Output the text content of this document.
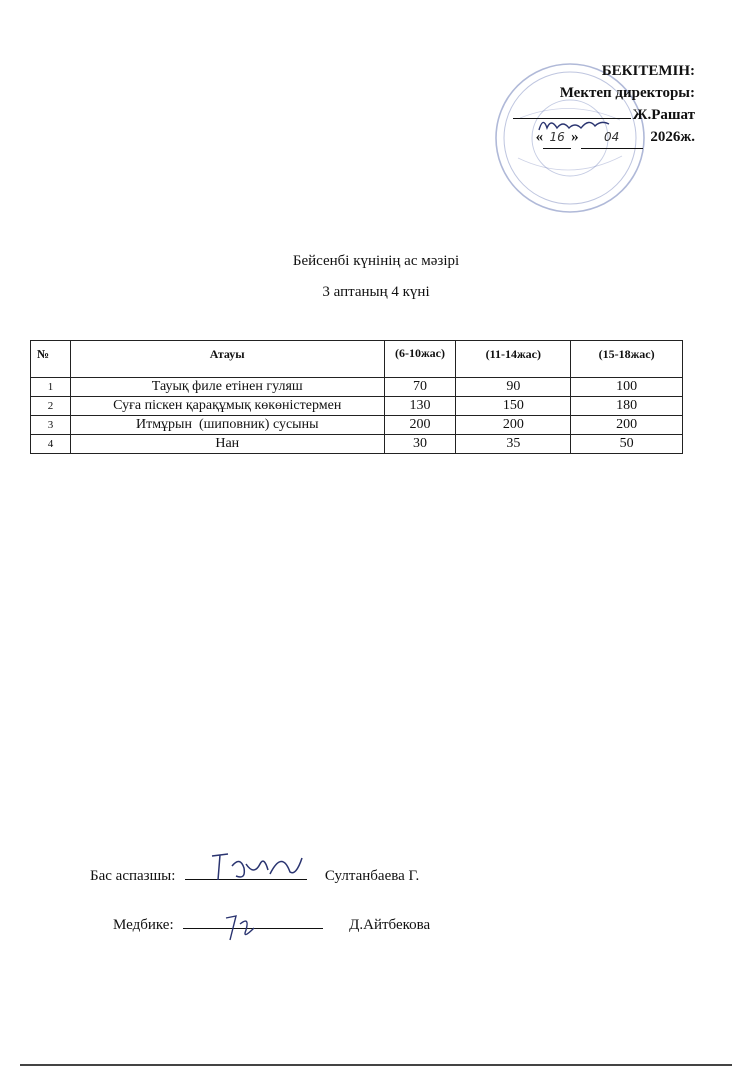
БЕКІТЕМІН:
Мектеп директоры:
Ж.Рашат
« 16 » 04 2026ж.
Бейсенбі күнінің ас мәзірі
3 аптаның 4 күні
№	Атауы	(6-10жас)	(11-14жас)	(15-18жас)
1	Тауық филе етінен гуляш	70	90	100
2	Суға піскен қарақұмық көкөністермен	130	150	180
3	Итмұрын  (шиповник) сусыны	200	200	200
4	Нан	30	35	50
Бас аспазшы:	Султанбаева Г.
Медбике:	Д.Айтбекова
